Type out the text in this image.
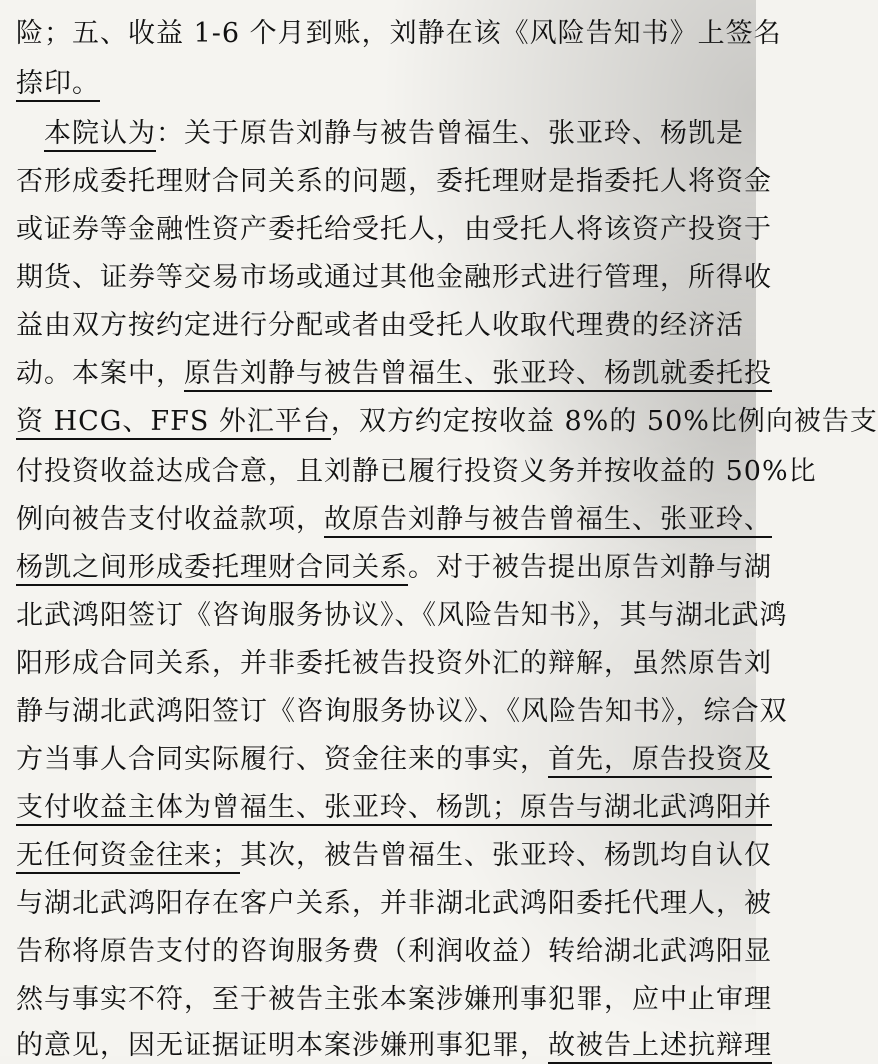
险；五、收益 1-6 个月到账，刘静在该《风险告知书》上签名
捺印。
　本院认为：关于原告刘静与被告曾福生、张亚玲、杨凯是
否形成委托理财合同关系的问题，委托理财是指委托人将资金
或证券等金融性资产委托给受托人，由受托人将该资产投资于
期货、证券等交易市场或通过其他金融形式进行管理，所得收
益由双方按约定进行分配或者由受托人收取代理费的经济活
动。本案中，原告刘静与被告曾福生、张亚玲、杨凯就委托投
资 HCG、FFS 外汇平台，双方约定按收益 8%的 50%比例向被告支
付投资收益达成合意，且刘静已履行投资义务并按收益的 50%比
例向被告支付收益款项，故原告刘静与被告曾福生、张亚玲、
杨凯之间形成委托理财合同关系。对于被告提出原告刘静与湖
北武鸿阳签订《咨询服务协议》、《风险告知书》，其与湖北武鸿
阳形成合同关系，并非委托被告投资外汇的辩解，虽然原告刘
静与湖北武鸿阳签订《咨询服务协议》、《风险告知书》，综合双
方当事人合同实际履行、资金往来的事实，首先，原告投资及
支付收益主体为曾福生、张亚玲、杨凯；原告与湖北武鸿阳并
无任何资金往来；其次，被告曾福生、张亚玲、杨凯均自认仅
与湖北武鸿阳存在客户关系，并非湖北武鸿阳委托代理人，被
告称将原告支付的咨询服务费（利润收益）转给湖北武鸿阳显
然与事实不符，至于被告主张本案涉嫌刑事犯罪，应中止审理
的意见，因无证据证明本案涉嫌刑事犯罪，故被告上述抗辩理
